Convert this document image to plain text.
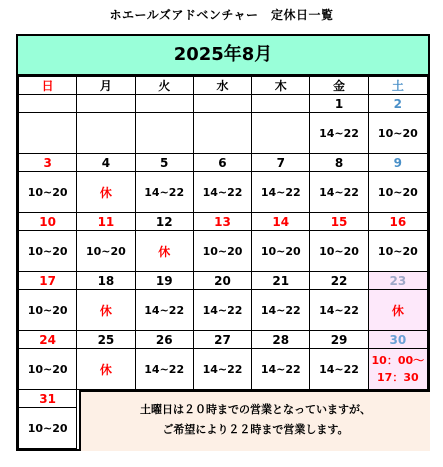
ホエールズアドベンチャー　定休日一覧
2025年8月
日	月	火	水	木	金	土
					1	2
					14~22	10~20
3	4	5	6	7	8	9
10~20	休	14~22	14~22	14~22	14~22	10~20
10	11	12	13	14	15	16
10~20	10~20	休	10~20	10~20	10~20	10~20
17	18	19	20	21	22	23
10~20	休	14~22	14~22	14~22	14~22	休
24	25	26	27	28	29	30
10~20	休	14~22	14~22	14~22	14~22	10：00～
17：30

31						
10~20						
土曜日は２０時までの営業となっていますが、
ご希望により２２時まで営業します。
